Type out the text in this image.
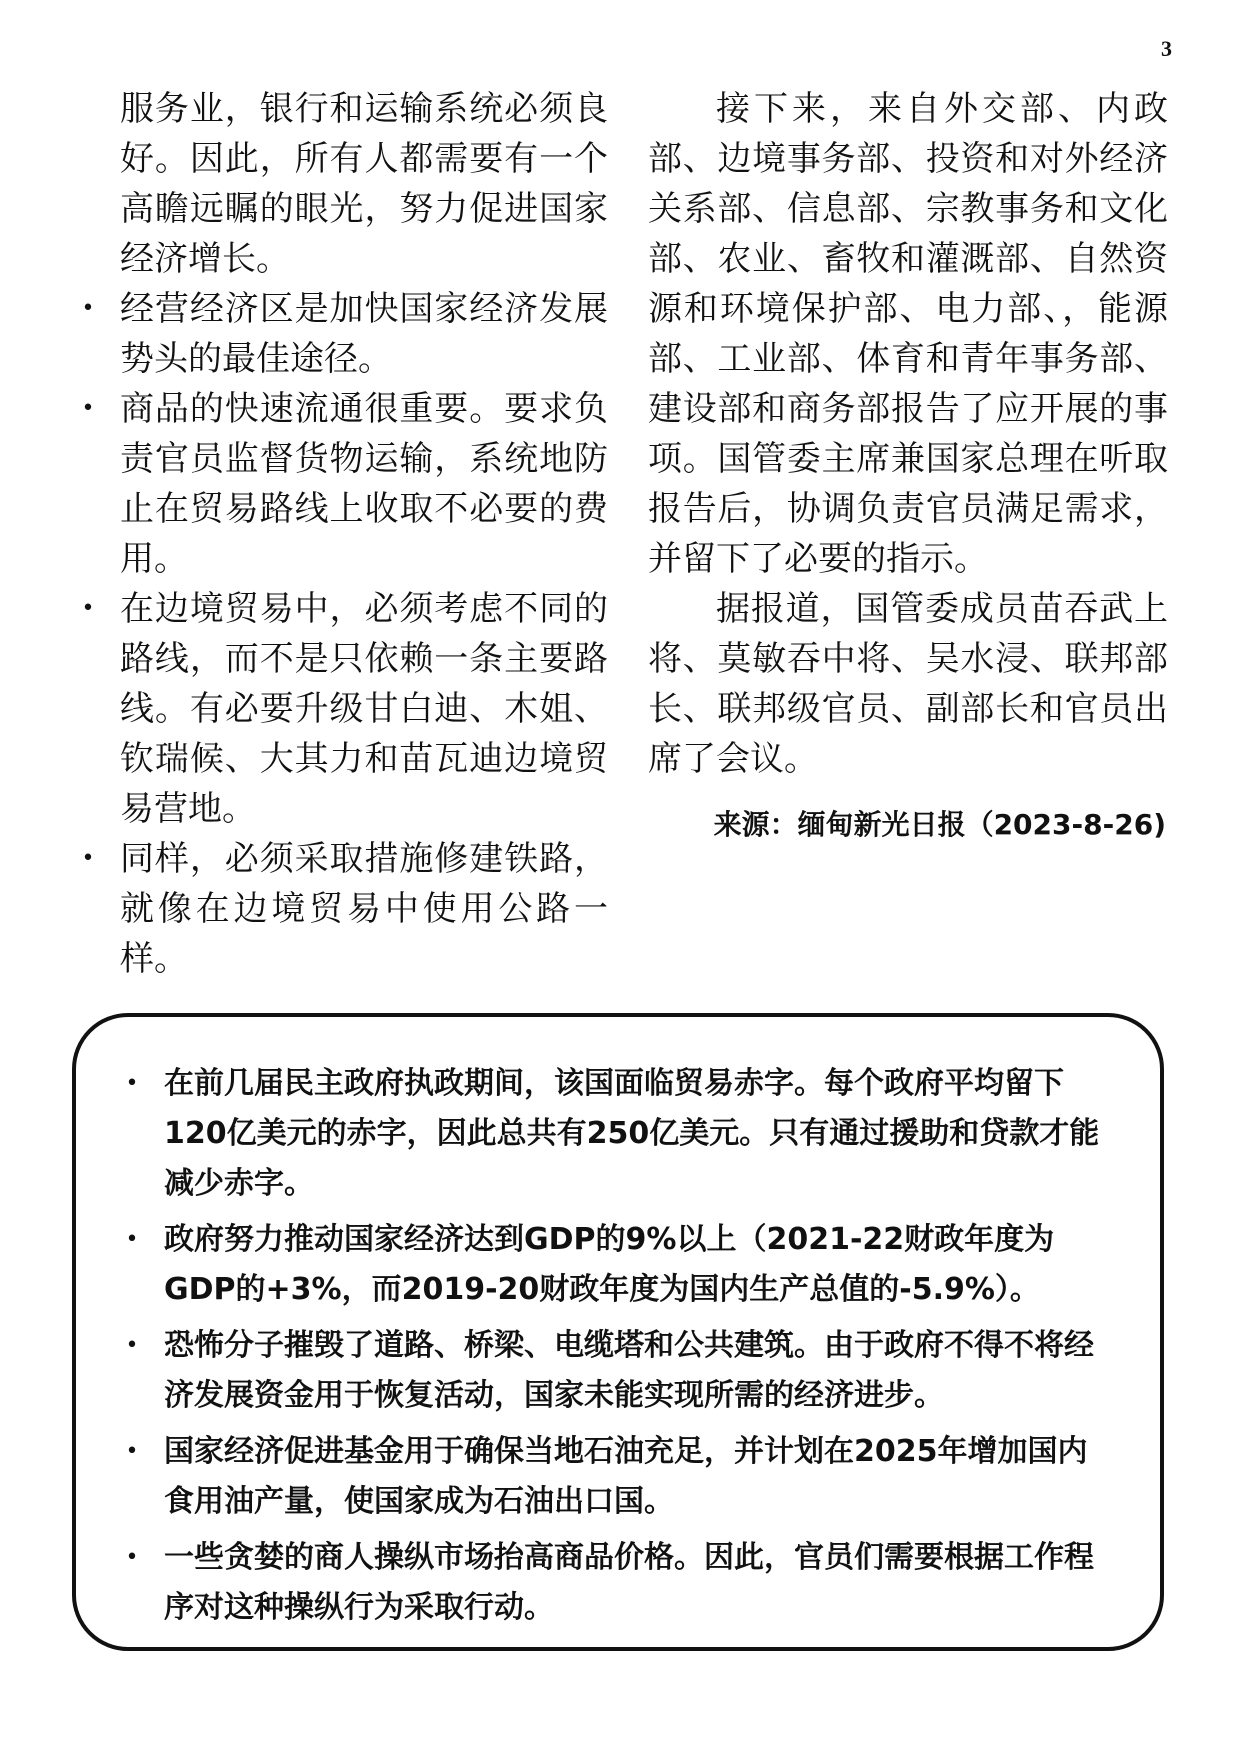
3

服务业，银行和运输系统必须良好。因此，所有人都需要有一个高瞻远瞩的眼光，努力促进国家经济增长。

• 经营经济区是加快国家经济发展势头的最佳途径。
• 商品的快速流通很重要。要求负责官员监督货物运输，系统地防止在贸易路线上收取不必要的费用。
• 在边境贸易中，必须考虑不同的路线，而不是只依赖一条主要路线。有必要升级甘白迪、木姐、钦瑞候、大其力和苗瓦迪边境贸易营地。
• 同样，必须采取措施修建铁路，就像在边境贸易中使用公路一样。

接下来，来自外交部、内政部、边境事务部、投资和对外经济关系部、信息部、宗教事务和文化部、农业、畜牧和灌溉部、自然资源和环境保护部、电力部、，能源部、工业部、体育和青年事务部、建设部和商务部报告了应开展的事项。国管委主席兼国家总理在听取报告后，协调负责官员满足需求，并留下了必要的指示。

据报道，国管委成员苗吞武上将、莫敏吞中将、吴水浸、联邦部长、联邦级官员、副部长和官员出席了会议。

来源：缅甸新光日报（2023-8-26)

• 在前几届民主政府执政期间，该国面临贸易赤字。每个政府平均留下120亿美元的赤字，因此总共有250亿美元。只有通过援助和贷款才能减少赤字。
• 政府努力推动国家经济达到GDP的9%以上（2021-22财政年度为GDP的+3%，而2019-20财政年度为国内生产总值的-5.9%）。
• 恐怖分子摧毁了道路、桥梁、电缆塔和公共建筑。由于政府不得不将经济发展资金用于恢复活动，国家未能实现所需的经济进步。
• 国家经济促进基金用于确保当地石油充足，并计划在2025年增加国内食用油产量，使国家成为石油出口国。
• 一些贪婪的商人操纵市场抬高商品价格。因此，官员们需要根据工作程序对这种操纵行为采取行动。
